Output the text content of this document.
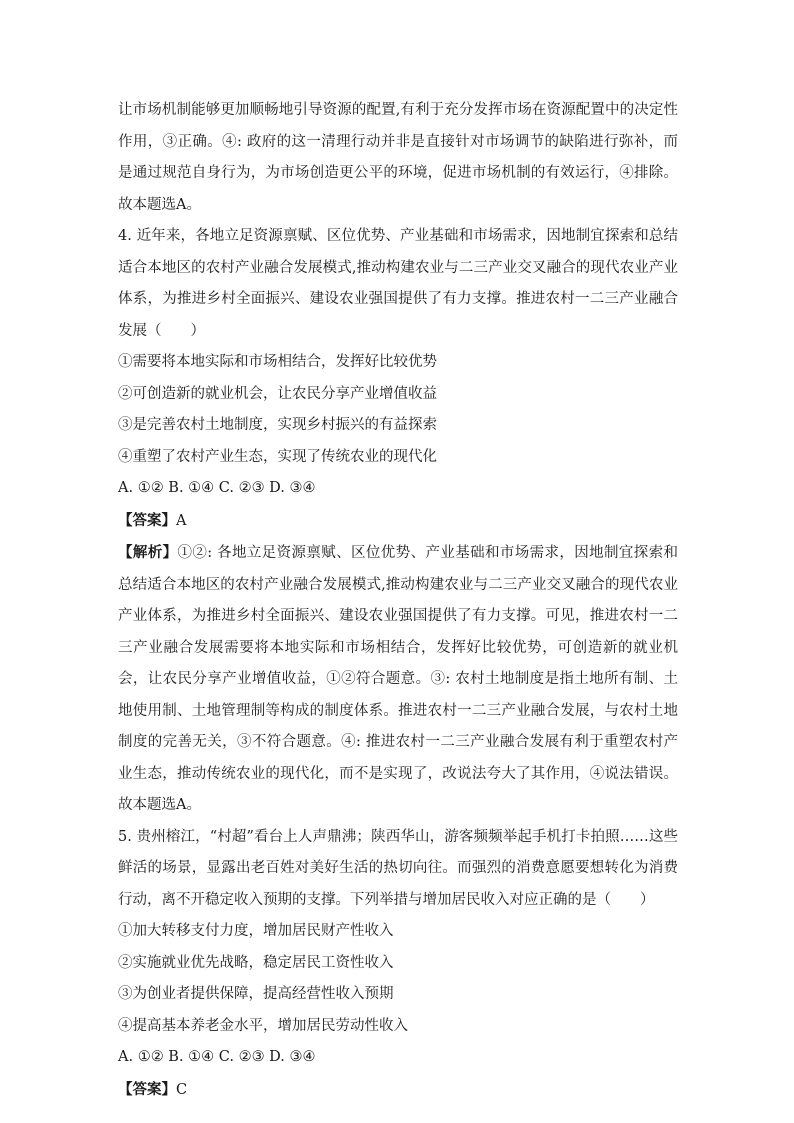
让市场机制能够更加顺畅地引导资源的配置,有利于充分发挥市场在资源配置中的决定性作用，③正确。④: 政府的这一清理行动并非是直接针对市场调节的缺陷进行弥补，而是通过规范自身行为，为市场创造更公平的环境，促进市场机制的有效运行，④排除。故本题选A。

4. 近年来，各地立足资源禀赋、区位优势、产业基础和市场需求，因地制宜探索和总结适合本地区的农村产业融合发展模式,推动构建农业与二三产业交叉融合的现代农业产业体系，为推进乡村全面振兴、建设农业强国提供了有力支撑。推进农村一二三产业融合发展（　　）

①需要将本地实际和市场相结合，发挥好比较优势

②可创造新的就业机会，让农民分享产业增值收益

③是完善农村土地制度，实现乡村振兴的有益探索

④重塑了农村产业生态，实现了传统农业的现代化

A. ①② B. ①④ C. ②③ D. ③④

【答案】A

【解析】①②: 各地立足资源禀赋、区位优势、产业基础和市场需求，因地制宜探索和总结适合本地区的农村产业融合发展模式,推动构建农业与二三产业交叉融合的现代农业产业体系，为推进乡村全面振兴、建设农业强国提供了有力支撑。可见，推进农村一二三产业融合发展需要将本地实际和市场相结合，发挥好比较优势，可创造新的就业机会，让农民分享产业增值收益，①②符合题意。③: 农村土地制度是指土地所有制、土地使用制、土地管理制等构成的制度体系。推进农村一二三产业融合发展，与农村土地制度的完善无关，③不符合题意。④: 推进农村一二三产业融合发展有利于重塑农村产业生态，推动传统农业的现代化，而不是实现了，改说法夸大了其作用，④说法错误。故本题选A。

5. 贵州榕江，“村超”看台上人声鼎沸；陕西华山，游客频频举起手机打卡拍照……这些鲜活的场景，显露出老百姓对美好生活的热切向往。而强烈的消费意愿要想转化为消费行动，离不开稳定收入预期的支撑。下列举措与增加居民收入对应正确的是（　　）

①加大转移支付力度，增加居民财产性收入

②实施就业优先战略，稳定居民工资性收入

③为创业者提供保障，提高经营性收入预期

④提高基本养老金水平，增加居民劳动性收入

A. ①② B. ①④ C. ②③ D. ③④

【答案】C
